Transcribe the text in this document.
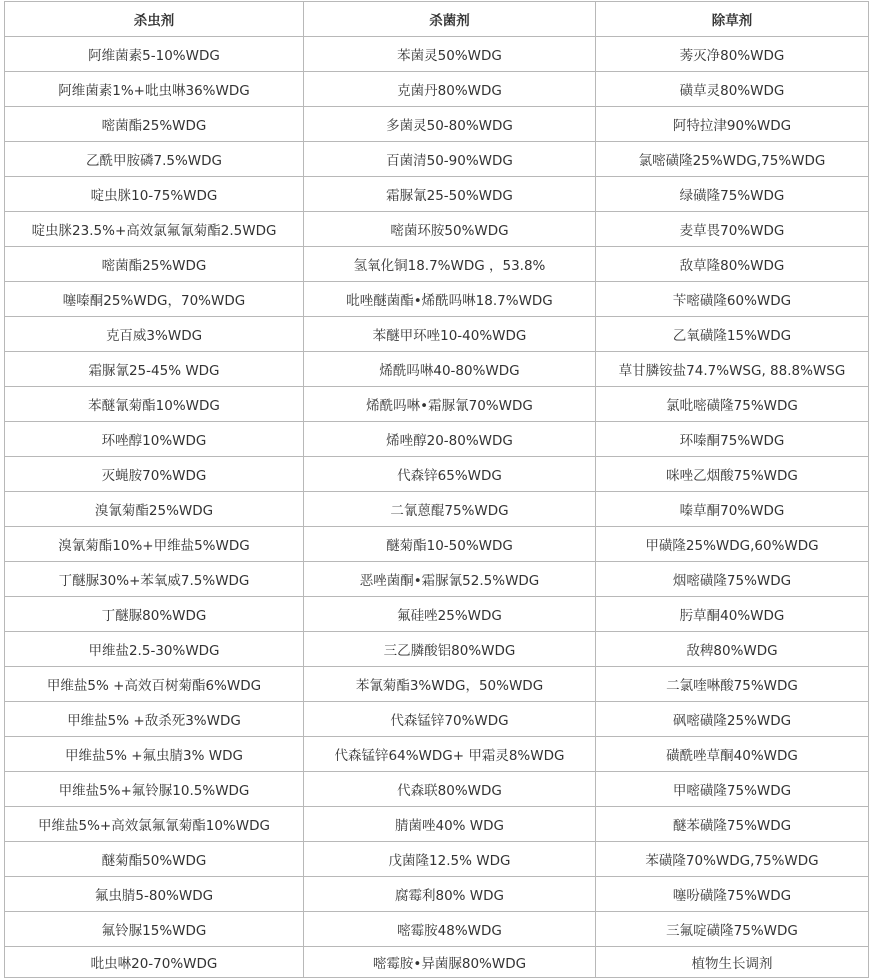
杀虫剂	杀菌剂	除草剂
阿维菌素5-10%WDG	苯菌灵50%WDG	莠灭净80%WDG
阿维菌素1%+吡虫啉36%WDG	克菌丹80%WDG	磺草灵80%WDG
嘧菌酯25%WDG	多菌灵50-80%WDG	阿特拉津90%WDG
乙酰甲胺磷7.5%WDG	百菌清50-90%WDG	氯嘧磺隆25%WDG,75%WDG
啶虫脒10-75%WDG	霜脲氰25-50%WDG	绿磺隆75%WDG
啶虫脒23.5%+高效氯氟氰菊酯2.5WDG	嘧菌环胺50%WDG	麦草畏70%WDG
嘧菌酯25%WDG	氢氧化铜18.7%WDG ，53.8%	敌草隆80%WDG
噻嗪酮25%WDG，70%WDG	吡唑醚菌酯•烯酰吗啉18.7%WDG	苄嘧磺隆60%WDG
克百威3%WDG	苯醚甲环唑10-40%WDG	乙氧磺隆15%WDG
霜脲氰25-45% WDG	烯酰吗啉40-80%WDG	草甘膦铵盐74.7%WSG, 88.8%WSG
苯醚氰菊酯10%WDG	烯酰吗啉•霜脲氰70%WDG	氯吡嘧磺隆75%WDG
环唑醇10%WDG	烯唑醇20-80%WDG	环嗪酮75%WDG
灭蝇胺70%WDG	代森锌65%WDG	咪唑乙烟酸75%WDG
溴氰菊酯25%WDG	二氰蒽醌75%WDG	嗪草酮70%WDG
溴氰菊酯10%+甲维盐5%WDG	醚菊酯10-50%WDG	甲磺隆25%WDG,60%WDG
丁醚脲30%+苯氧威7.5%WDG	恶唑菌酮•霜脲氰52.5%WDG	烟嘧磺隆75%WDG
丁醚脲80%WDG	氟硅唑25%WDG	肟草酮40%WDG
甲维盐2.5-30%WDG	三乙膦酸铝80%WDG	敌稗80%WDG
甲维盐5% +高效百树菊酯6%WDG	苯氰菊酯3%WDG，50%WDG	二氯喹啉酸75%WDG
甲维盐5% +敌杀死3%WDG	代森锰锌70%WDG	砜嘧磺隆25%WDG
甲维盐5% +氟虫腈3% WDG	代森锰锌64%WDG+ 甲霜灵8%WDG	磺酰唑草酮40%WDG
甲维盐5%+氟铃脲10.5%WDG	代森联80%WDG	甲嘧磺隆75%WDG
甲维盐5%+高效氯氟氰菊酯10%WDG	腈菌唑40% WDG	醚苯磺隆75%WDG
醚菊酯50%WDG	戊菌隆12.5% WDG	苯磺隆70%WDG,75%WDG
氟虫腈5-80%WDG	腐霉利80% WDG	噻吩磺隆75%WDG
氟铃脲15%WDG	嘧霉胺48%WDG	三氟啶磺隆75%WDG
吡虫啉20-70%WDG	嘧霉胺•异菌脲80%WDG	植物生长调剂
